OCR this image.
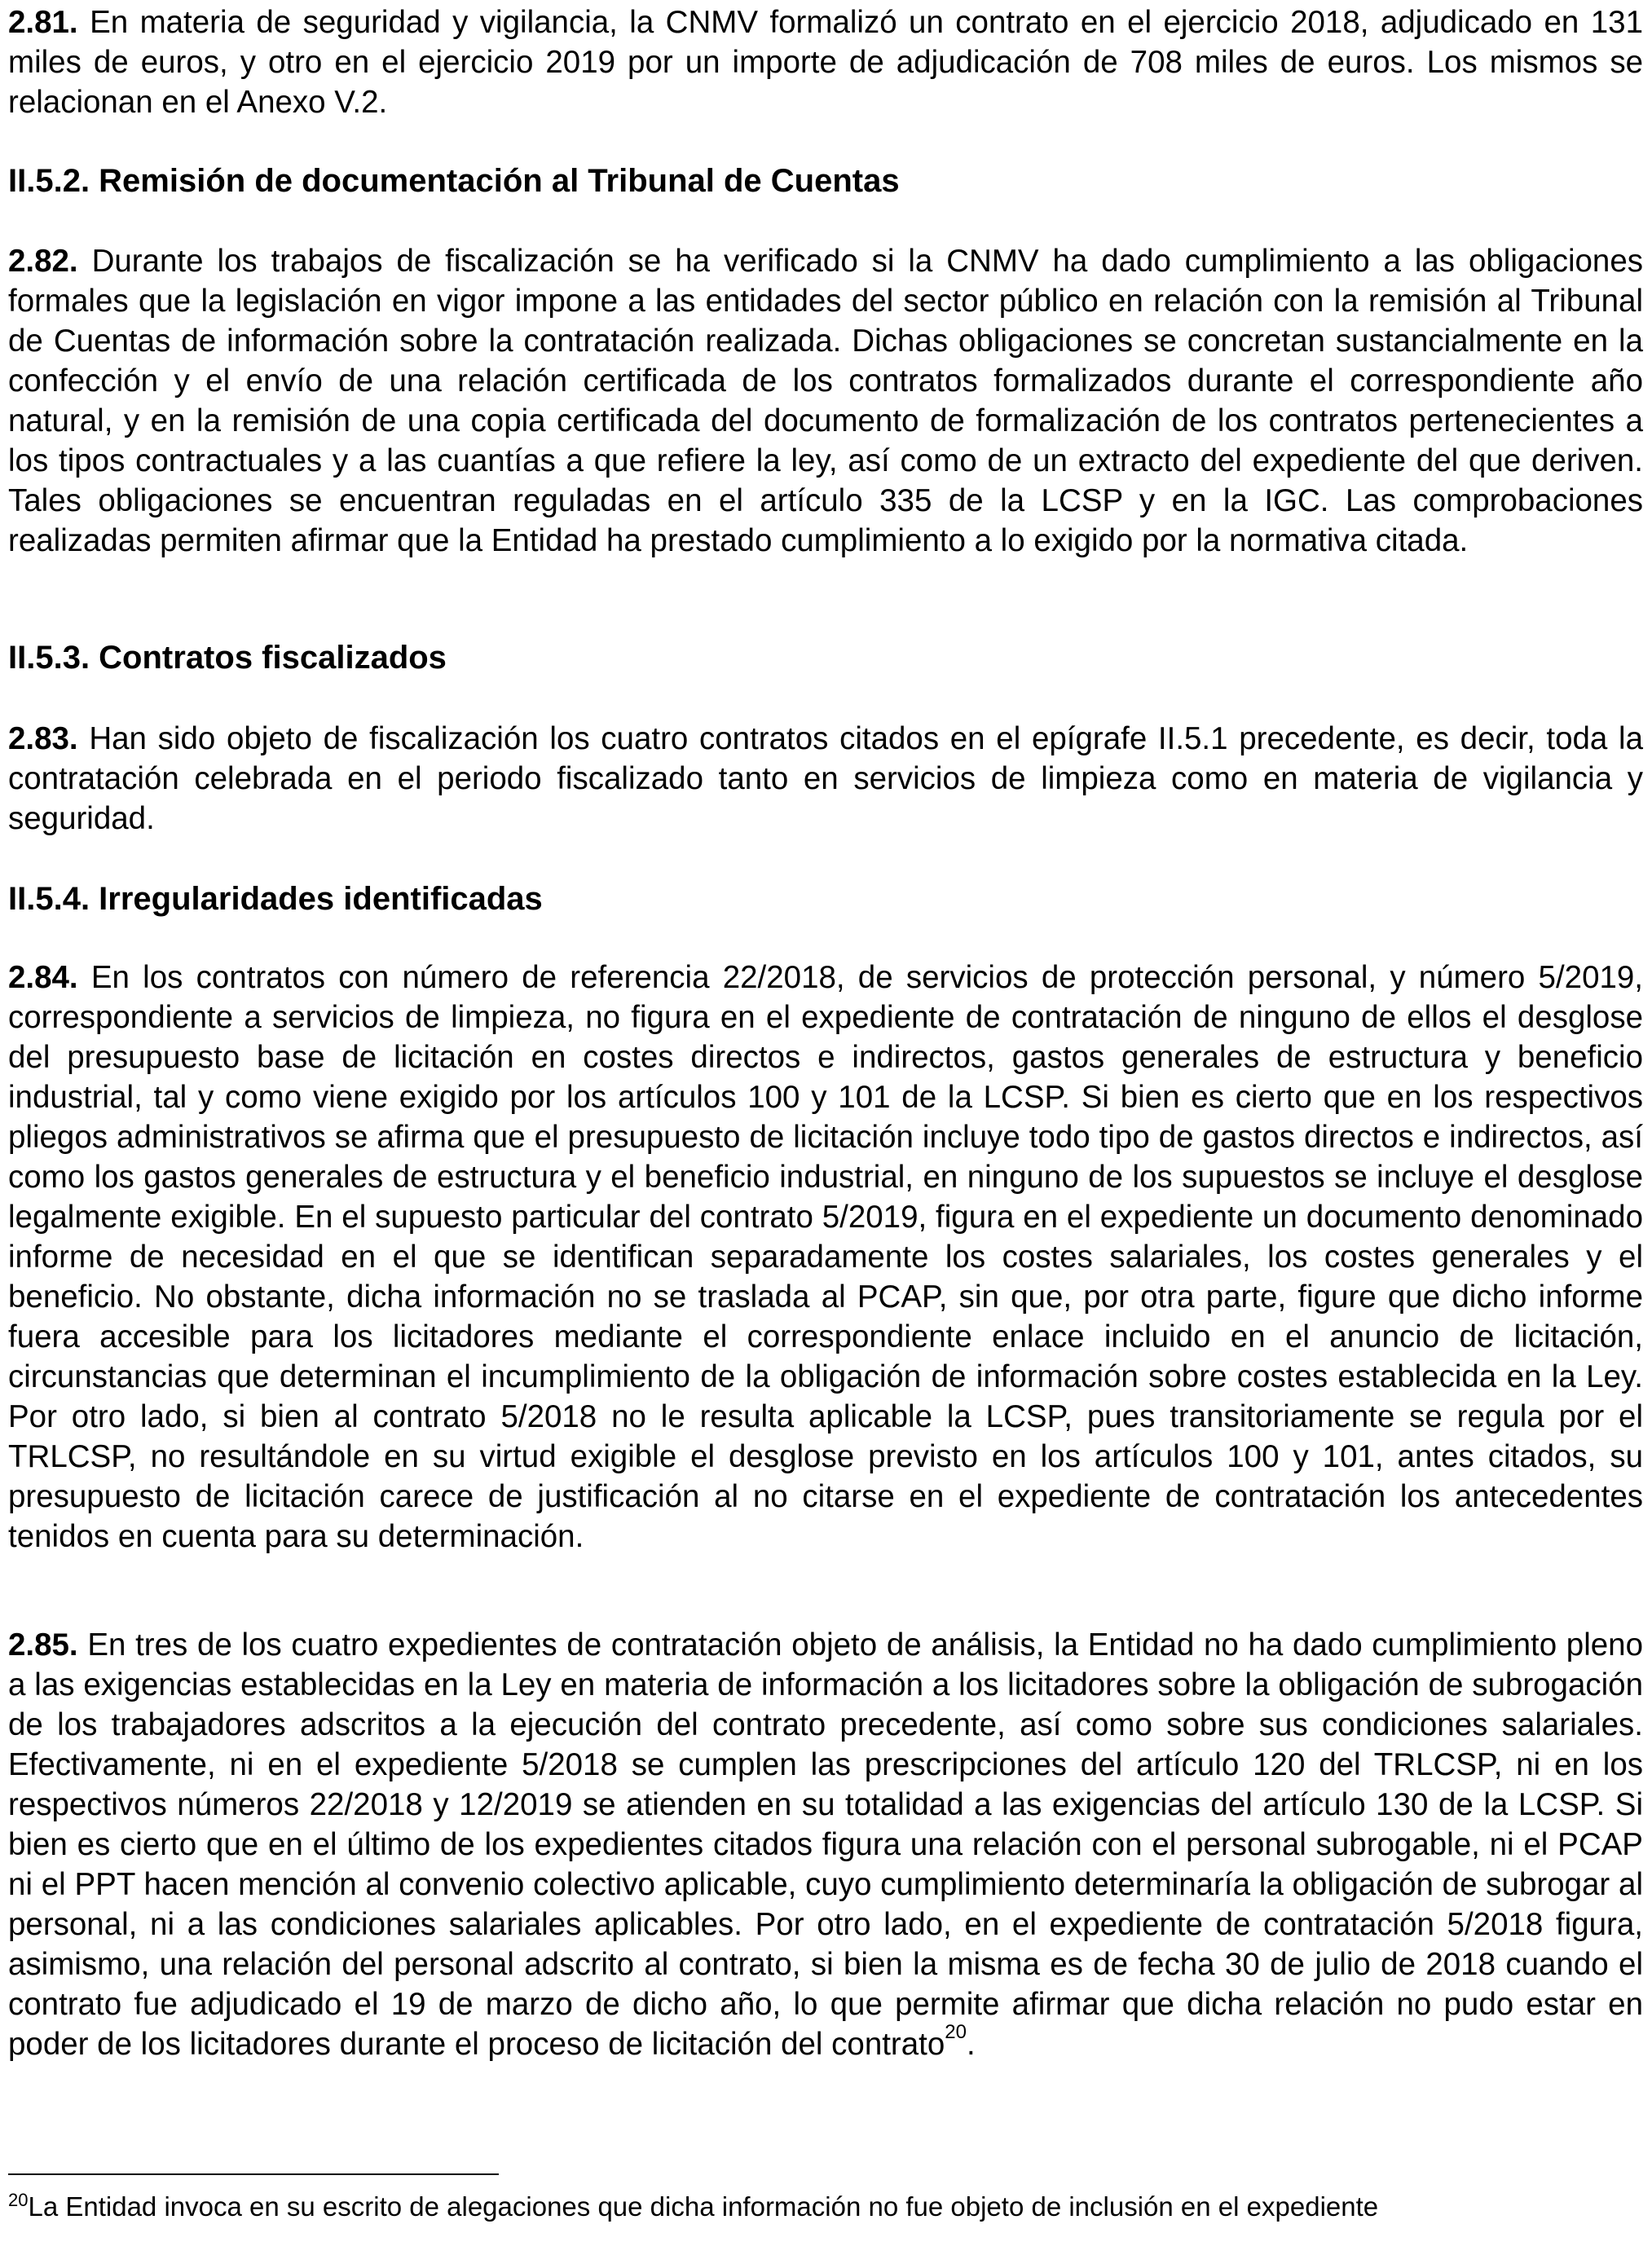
2.81. En materia de seguridad y vigilancia, la CNMV formalizó un contrato en el ejercicio 2018, adjudicado en 131 miles de euros, y otro en el ejercicio 2019 por un importe de adjudicación de 708 miles de euros. Los mismos se relacionan en el Anexo V.2.

II.5.2. Remisión de documentación al Tribunal de Cuentas

2.82. Durante los trabajos de fiscalización se ha verificado si la CNMV ha dado cumplimiento a las obligaciones formales que la legislación en vigor impone a las entidades del sector público en relación con la remisión al Tribunal de Cuentas de información sobre la contratación realizada. Dichas obligaciones se concretan sustancialmente en la confección y el envío de una relación certificada de los contratos formalizados durante el correspondiente año natural, y en la remisión de una copia certificada del documento de formalización de los contratos pertenecientes a los tipos contractuales y a las cuantías a que refiere la ley, así como de un extracto del expediente del que deriven. Tales obligaciones se encuentran reguladas en el artículo 335 de la LCSP y en la IGC. Las comprobaciones realizadas permiten afirmar que la Entidad ha prestado cumplimiento a lo exigido por la normativa citada.

II.5.3. Contratos fiscalizados

2.83. Han sido objeto de fiscalización los cuatro contratos citados en el epígrafe II.5.1 precedente, es decir, toda la contratación celebrada en el periodo fiscalizado tanto en servicios de limpieza como en materia de vigilancia y seguridad.

II.5.4. Irregularidades identificadas

2.84. En los contratos con número de referencia 22/2018, de servicios de protección personal, y número 5/2019, correspondiente a servicios de limpieza, no figura en el expediente de contratación de ninguno de ellos el desglose del presupuesto base de licitación en costes directos e indirectos, gastos generales de estructura y beneficio industrial, tal y como viene exigido por los artículos 100 y 101 de la LCSP. Si bien es cierto que en los respectivos pliegos administrativos se afirma que el presupuesto de licitación incluye todo tipo de gastos directos e indirectos, así como los gastos generales de estructura y el beneficio industrial, en ninguno de los supuestos se incluye el desglose legalmente exigible. En el supuesto particular del contrato 5/2019, figura en el expediente un documento denominado informe de necesidad en el que se identifican separadamente los costes salariales, los costes generales y el beneficio. No obstante, dicha información no se traslada al PCAP, sin que, por otra parte, figure que dicho informe fuera accesible para los licitadores mediante el correspondiente enlace incluido en el anuncio de licitación, circunstancias que determinan el incumplimiento de la obligación de información sobre costes establecida en la Ley. Por otro lado, si bien al contrato 5/2018 no le resulta aplicable la LCSP, pues transitoriamente se regula por el TRLCSP, no resultándole en su virtud exigible el desglose previsto en los artículos 100 y 101, antes citados, su presupuesto de licitación carece de justificación al no citarse en el expediente de contratación los antecedentes tenidos en cuenta para su determinación.

2.85. En tres de los cuatro expedientes de contratación objeto de análisis, la Entidad no ha dado cumplimiento pleno a las exigencias establecidas en la Ley en materia de información a los licitadores sobre la obligación de subrogación de los trabajadores adscritos a la ejecución del contrato precedente, así como sobre sus condiciones salariales. Efectivamente, ni en el expediente 5/2018 se cumplen las prescripciones del artículo 120 del TRLCSP, ni en los respectivos números 22/2018 y 12/2019 se atienden en su totalidad a las exigencias del artículo 130 de la LCSP. Si bien es cierto que en el último de los expedientes citados figura una relación con el personal subrogable, ni el PCAP ni el PPT hacen mención al convenio colectivo aplicable, cuyo cumplimiento determinaría la obligación de subrogar al personal, ni a las condiciones salariales aplicables. Por otro lado, en el expediente de contratación 5/2018 figura, asimismo, una relación del personal adscrito al contrato, si bien la misma es de fecha 30 de julio de 2018 cuando el contrato fue adjudicado el 19 de marzo de dicho año, lo que permite afirmar que dicha relación no pudo estar en poder de los licitadores durante el proceso de licitación del contrato$^{20}$.

$^{20}$La Entidad invoca en su escrito de alegaciones que dicha información no fue objeto de inclusión en el expediente
